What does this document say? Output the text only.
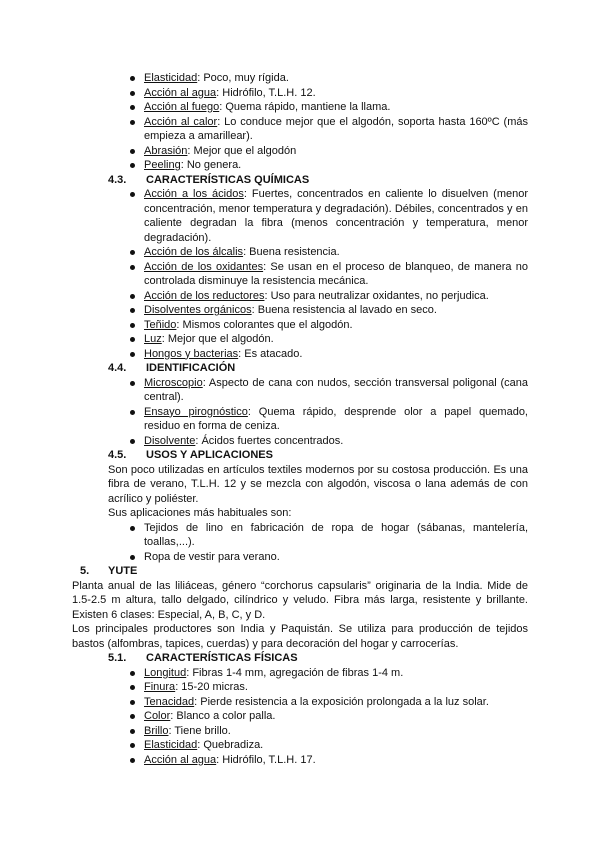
Elasticidad: Poco, muy rígida.
Acción al agua: Hidrófilo, T.L.H. 12.
Acción al fuego: Quema rápido, mantiene la llama.
Acción al calor: Lo conduce mejor que el algodón, soporta hasta 160ºC (más empieza a amarillear).
Abrasión: Mejor que el algodón
Peeling: No genera.
4.3.	CARACTERÍSTICAS QUÍMICAS
Acción a los ácidos: Fuertes, concentrados en caliente lo disuelven (menor concentración, menor temperatura y degradación). Débiles, concentrados y en caliente degradan la fibra (menos concentración y temperatura, menor degradación).
Acción de los álcalis: Buena resistencia.
Acción de los oxidantes: Se usan en el proceso de blanqueo, de manera no controlada disminuye la resistencia mecánica.
Acción de los reductores: Uso para neutralizar oxidantes, no perjudica.
Disolventes orgánicos: Buena resistencia al lavado en seco.
Teñido: Mismos colorantes que el algodón.
Luz: Mejor que el algodón.
Hongos y bacterias: Es atacado.
4.4.	IDENTIFICACIÓN
Microscopio: Aspecto de cana con nudos, sección transversal poligonal (cana central).
Ensayo pirognóstico: Quema rápido, desprende olor a papel quemado, residuo en forma de ceniza.
Disolvente: Ácidos fuertes concentrados.
4.5.	USOS Y APLICACIONES

Son poco utilizadas en artículos textiles modernos por su costosa producción. Es una fibra de verano, T.L.H. 12 y se mezcla con algodón, viscosa o lana además de con acrílico y poliéster.

Sus aplicaciones más habituales son:

Tejidos de lino en fabricación de ropa de hogar (sábanas, mantelería, toallas,...).
Ropa de vestir para verano.
5.	YUTE

Planta anual de las liliáceas, género “corchorus capsularis” originaria de la India. Mide de 1.5-2.5 m altura, tallo delgado, cilíndrico y veludo. Fibra más larga, resistente y brillante. Existen 6 clases: Especial, A, B, C, y D.

Los principales productores son India y Paquistán. Se utiliza para producción de tejidos bastos (alfombras, tapices, cuerdas) y para decoración del hogar y carrocerías.

5.1.	CARACTERÍSTICAS FÍSICAS
Longitud: Fibras 1-4 mm, agregación de fibras 1-4 m.
Finura: 15-20 micras.
Tenacidad: Pierde resistencia a la exposición prolongada a la luz solar.
Color: Blanco a color palla.
Brillo: Tiene brillo.
Elasticidad: Quebradiza.
Acción al agua: Hidrófilo, T.L.H. 17.
